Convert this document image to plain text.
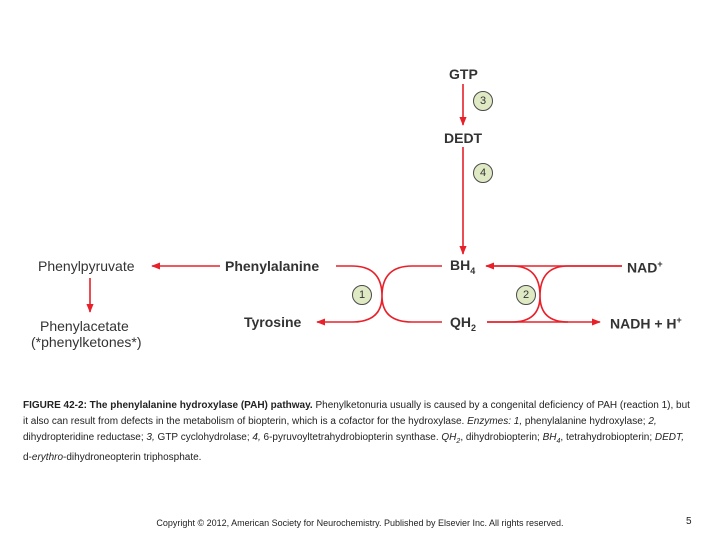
GTP
3
DEDT
4
Phenylpyruvate	Phenylalanine	$BH_4$	NAD+
1	2
Phenylacetate
(*phenylketones*)
Tyrosine	$QH_2$	NADH + H+
FIGURE 42-2: The phenylalanine hydroxylase (PAH) pathway. Phenylketonuria usually is caused by a congenital deficiency of PAH (reaction 1), but it also can result from defects in the metabolism of biopterin, which is a cofactor for the hydroxylase. Enzymes: 1, phenylalanine hydroxylase; 2, dihydropteridine reductase; 3, GTP cyclohydrolase; 4, 6-pyruvoyltetrahydrobiopterin synthase. $QH_2$, dihydrobiopterin; $BH_4$, tetrahydrobiopterin; DEDT, d-erythro-dihydroneopterin triphosphate.
Copyright © 2012, American Society for Neurochemistry. Published by Elsevier Inc. All rights reserved.	5
